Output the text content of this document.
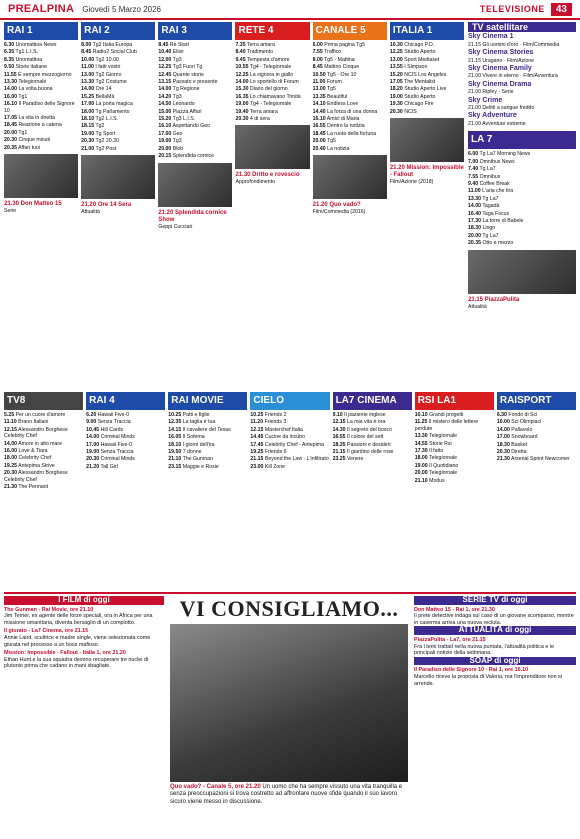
PREALPINA Giovedì 5 Marzo 2026	TELEVISIONE	43
RAI 1
6.30 Unomattina News
6.35 Tg1 L.I.S.
8.35 Unomattina
9.50 Storie italiane
11.55 È sempre mezzogiorno
13.30 Telegiornale
14.00 La volta buona
16.00 Tg1
16.10 Il Paradiso delle Signore 10
17.05 La vita in diretta
18.45 Reazione a catena
20.00 Tg1
20.30 Cinque minuti
20.35 Affari tuoi
21.30 Don Matteo 15
Serie
RAI 2
8.00 Tg2 Italia Europa
8.45 Radio2 Social Club
10.00 Tg2 10.00
11.00 I fatti vostri
13.00 Tg2 Giorno
13.30 Tg2 Costume
14.00 Ore 14
15.25 BellaMà
17.00 La porta magica
18.00 Tg Parlamento
18.10 Tg2 L.I.S.
18.15 Tg2
19.00 Tg Sport
20.30 Tg2 20.30
21.00 Tg2 Post
21.20 Ore 14 Sera
Attualità
RAI 3
8.45 Re Start
10.40 Elisir
12.00 Tg3
12.25 Tg3 Fuori Tg
12.45 Quante storie
13.15 Passato e presente
14.00 Tg Regione
14.20 Tg3
14.50 Leonardo
15.00 Piazza Affari
15.20 Tg3 L.I.S.
16.10 Aspettando Geo
17.00 Geo
19.00 Tg3
20.00 Blob
20.15 Splendida cornice
21.20 Splendida cornice Show
Geppi Cucciari
RETE 4
7.35 Terra amara
8.40 Tradimento
9.45 Tempesta d'amore
10.55 Tg4 - Telegiornale
12.25 La signora in giallo
14.00 Lo sportello di Forum
15.30 Diario del giorno
16.35 Lo chiamavano Trinità
19.00 Tg4 - Telegiornale
19.40 Terra amara
20.30 4 di sera
21.30 Dritto e rovescio
Approfondimento
CANALE 5
6.00 Prima pagina Tg5
7.55 Traffico
8.00 Tg5 - Mattina
8.45 Mattino Cinque
10.50 Tg5 - Ore 10
11.00 Forum
13.00 Tg5
13.35 Beautiful
14.10 Endless Love
14.40 La forza di una donna
16.10 Amici di Maria
16.55 Dentro la notizia
18.45 La ruota della fortuna
20.00 Tg5
20.40 La notizia
21.20 Quo vado?
Film/Commedia (2016)
ITALIA 1
10.30 Chicago P.D.
12.25 Studio Aperto
13.00 Sport Mediaset
13.55 I Simpson
15.20 NCIS Los Angeles
17.05 The Mentalist
18.20 Studio Aperto Live
19.00 Studio Aperto
19.30 Chicago Fire
20.30 NCIS
21.20 Mission: Impossible - Fallout
Film/Azione (2018)
TV satellitare
Sky Cinema 1

21.15 Gli uomini d'oro · Film/Commedia

Sky Cinema Stories

21.15 Uragano · Film/Azione

Sky Cinema Family

21.00 Vivere in eterno · Film/Avventura

Sky Cinema Drama

21.00 Ripley · Serie

Sky Crime

21.00 Delitti a sangue freddo

Sky Adventure

21.00 Avventure estreme

LA 7
6.00 Tg La7 Morning News
7.00 Omnibus News
7.40 Tg La7
7.55 Omnibus
9.40 Coffee Break
11.00 L'aria che tira
13.30 Tg La7
14.00 Tagadà
16.40 Taga Focus
17.30 La torre di Babele
18.30 Lingo
20.00 Tg La7
20.35 Otto e mezzo
21.15 PiazzaPulita
Attualità
TV8
5.25 Per un cuore d'amore
11.10 Brano Italiani
12.15 Alessandro Borghese Celebrity Chef
14.00 Amore in alto mare
16.00 Love & Tiara
18.00 Celebrity Chef
19.25 Antepima Strive
20.30 Alessandro Borghese Celebrity Chef
21.30 The Pennant
RAI 4
6.20 Hawaii Five-0
9.00 Senza Traccia
10.45 Hill Cards
14.00 Criminal Minds
17.00 Hawaii Five-0
19.00 Senza Traccia
20.30 Criminal Minds
21.20 Tall Girl
RAI MOVIE
10.25 Patti e figlie
12.35 La taglia è tua
14.15 Il cavaliere del Texas
16.05 Il Sofema
18.10 I giorni dell'ira
19.50 7 donne
21.10 The Gunman
23.15 Maggie e Rosie
CIELO
10.25 Friends 2
11.20 Friends 3
12.15 Masterchef Italia
14.45 Cucine da incubo
17.45 Celebrity Chef - Antepima
19.25 Friends 6
21.15 Beyond the Law - L'infiltrato
23.00 Kill Zone
LA7 CINEMA
9.10 Il paziente inglese
12.15 La mia vita è ora
14.30 Il segreto del bosco
16.55 Il colore del sett
18.35 Passioni e desideri
21.15 Il giardino delle rose
23.25 Venere
RSI LA1
10.10 Grandi progetti
11.25 Il mistero delle lettere perdute
13.30 Telegiornale
14.55 Storie Rsi
17.30 Il fatto
18.00 Telegiornale
19.00 Il Quotidiano
20.00 Telegiornale
21.10 Modus
RAISPORT
6.30 Fondo di Sci
10.00 Sci Olimpiaci
14.00 Pallavolo
17.00 Snowboard
18.30 Basket
20.30 Diretta
21.30 Arsenal Sprint Newcomer
I FILM di oggi
The Gunman - Rai Movie, ore 21.10
Jim Terrier, ex agente delle forze speciali, ora in Africa per una missione umanitaria, diventa bersaglio di un complotto.
Il giurato - La7 Cinema, ore 21.15
Annie Laird, scultrice e madre single, viene selezionata come giurata nel processo a un boss mafioso.
Mission: Impossible - Fallout - Italia 1, ore 21.20
Ethan Hunt e la sua squadra devono recuperare tre nuclei di plutonio prima che cadano in mani sbagliate.
VI CONSIGLIAMO...
Quo vado? - Canale 5, ore 21.20 Un uomo che ha sempre vissuto una vita tranquilla e senza preoccupazioni si trova costretto ad affrontare nuove sfide quando il suo lavoro sicuro viene messo in discussione.
SERIE TV di oggi
Don Matteo 15 - Rai 1, ore 21.30
Il prete detective indaga sul caso di un giovane scomparso, mentre in caserma arriva una nuova recluta.
ATTUALITÀ di oggi
PiazzaPulita - La7, ore 21.15
Fra i temi trattati nella nuova puntata, l'attualità politica e le principali notizie della settimana.
SOAP di oggi
Il Paradiso delle Signore 10 - Rai 1, ore 16.10
Marcello riceve la proposta di Valeria, ma l'imprenditore non si arrende.
